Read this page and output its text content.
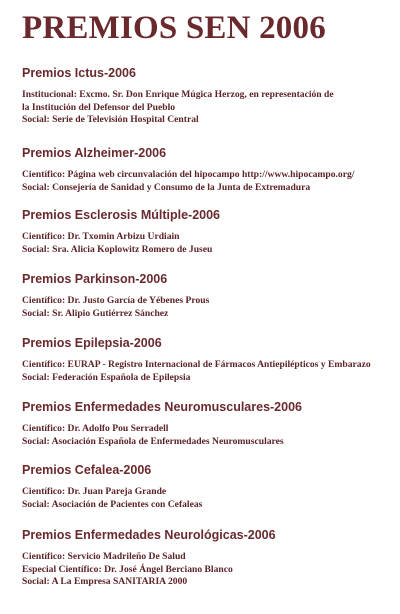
PREMIOS SEN 2006
Premios Ictus-2006
Institucional: Excmo. Sr. Don Enrique Múgica Herzog, en representación de
la Institución del Defensor del Pueblo
Social: Serie de Televisión Hospital Central
Premios Alzheimer-2006
Científico: Página web circunvalación del hipocampo http://www.hipocampo.org/
Social: Consejería de Sanidad y Consumo de la Junta de Extremadura
Premios Esclerosis Múltiple-2006
Científico: Dr. Txomin Arbizu Urdiain
Social: Sra. Alicia Koplowitz Romero de Juseu
Premios Parkinson-2006
Científico: Dr. Justo García de Yébenes Prous
Social: Sr. Alipio Gutiérrez Sánchez
Premios Epilepsia-2006
Científico: EURAP - Registro Internacional de Fármacos Antiepilépticos y Embarazo
Social: Federación Española de Epilepsia
Premios Enfermedades Neuromusculares-2006
Científico: Dr. Adolfo Pou Serradell
Social: Asociación Española de Enfermedades Neuromusculares
Premios Cefalea-2006
Científico: Dr. Juan Pareja Grande
Social: Asociación de Pacientes con Cefaleas
Premios Enfermedades Neurológicas-2006
Científico: Servicio Madrileño De Salud
Especial Científico: Dr. José Ángel Berciano Blanco
Social: A La Empresa SANITARIA 2000
